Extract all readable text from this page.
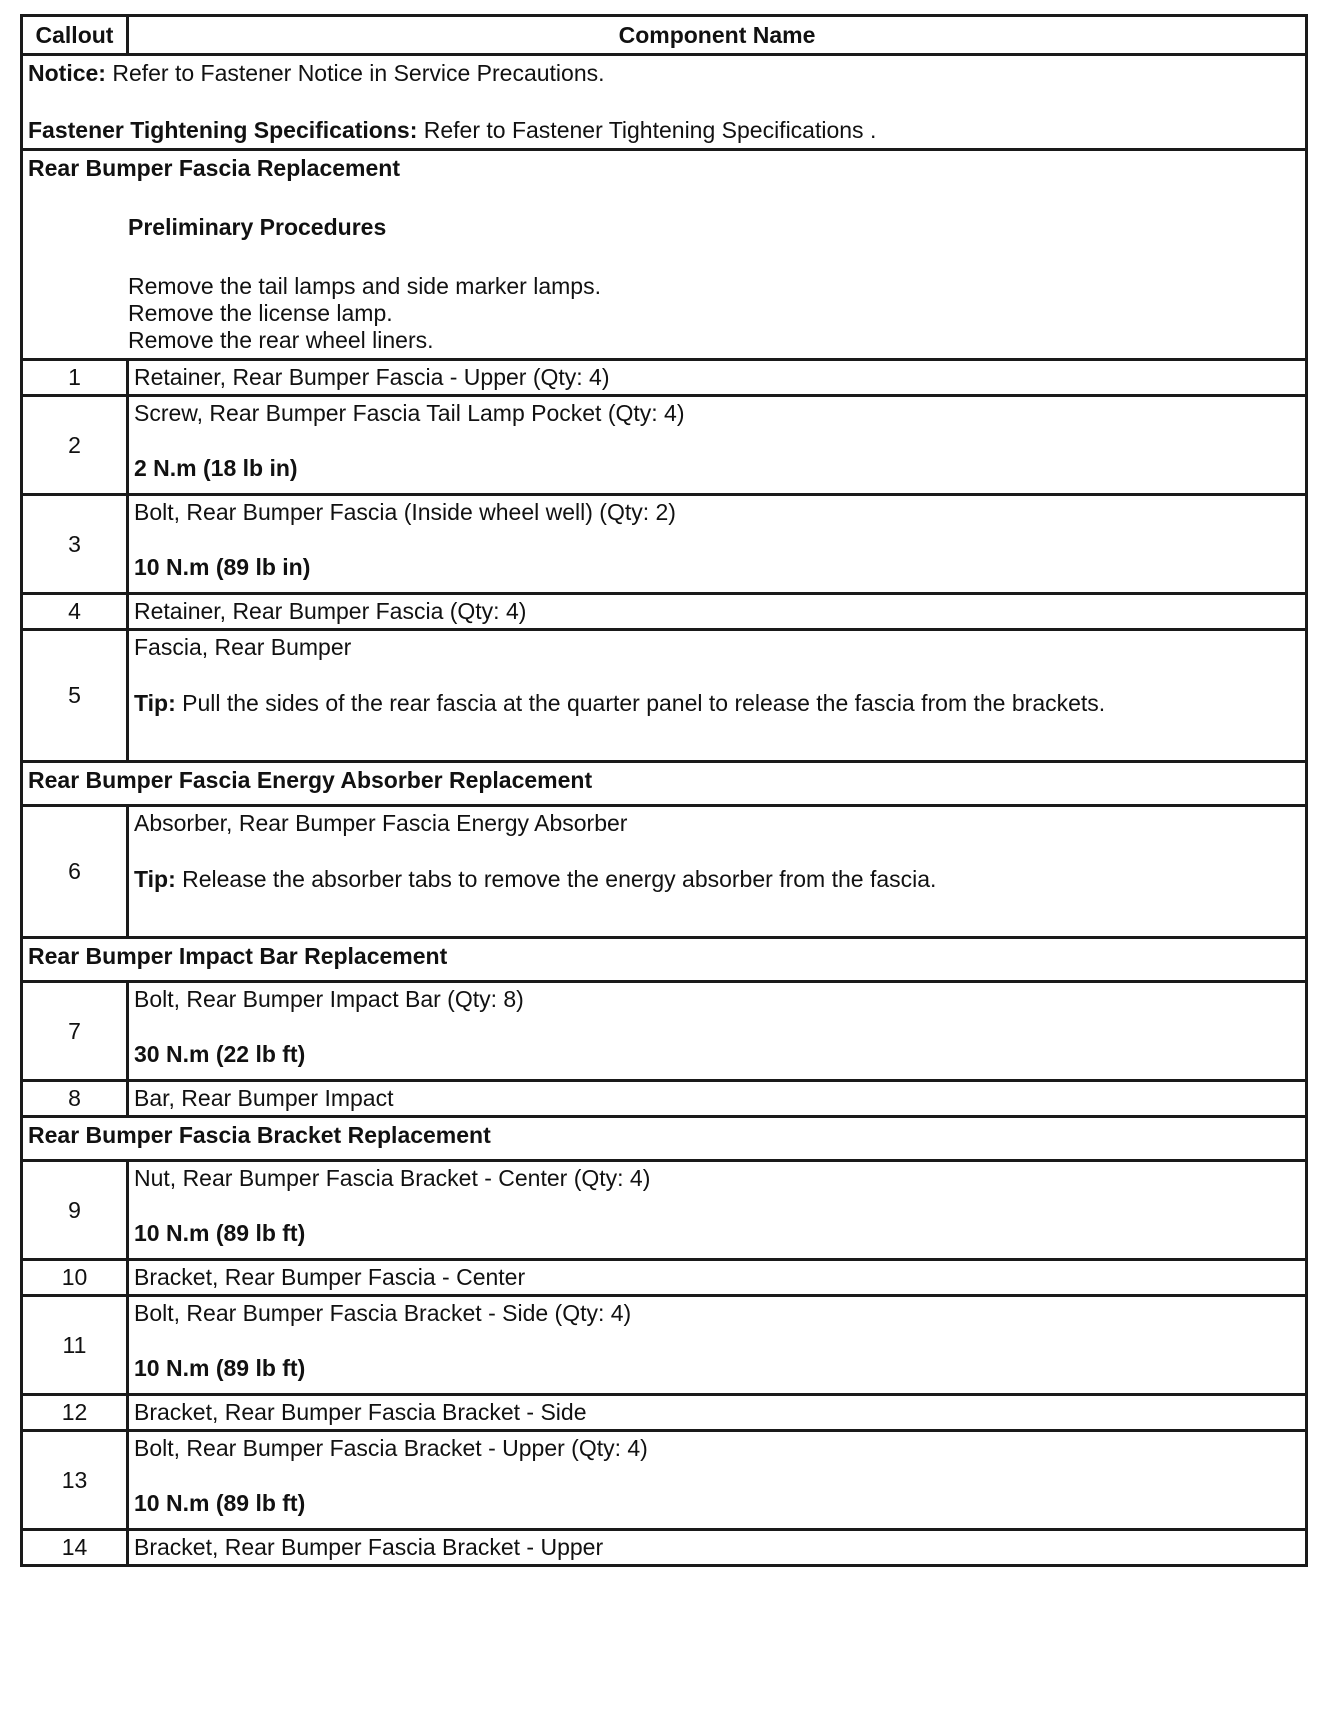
Callout	Component Name

Notice: Refer to Fastener Notice in Service Precautions.
Fastener Tightening Specifications: Refer to Fastener Tightening Specifications .	

Rear Bumper Fascia Replacement
Preliminary Procedures
Remove the tail lamps and side marker lamps.
Remove the license lamp.
Remove the rear wheel liners.	

1	Retainer, Rear Bumper Fascia - Upper (Qty: 4)
2	Screw, Rear Bumper Fascia Tail Lamp Pocket (Qty: 4)
2 N.m (18 lb in)

3	Bolt, Rear Bumper Fascia (Inside wheel well) (Qty: 2)
10 N.m (89 lb in)

4	Retainer, Rear Bumper Fascia (Qty: 4)
5	Fascia, Rear Bumper
Tip: Pull the sides of the rear fascia at the quarter panel to release the fascia from the brackets.

Rear Bumper Fascia Energy Absorber Replacement	
6	Absorber, Rear Bumper Fascia Energy Absorber
Tip: Release the absorber tabs to remove the energy absorber from the fascia.

Rear Bumper Impact Bar Replacement	
7	Bolt, Rear Bumper Impact Bar (Qty: 8)
30 N.m (22 lb ft)

8	Bar, Rear Bumper Impact
Rear Bumper Fascia Bracket Replacement	
9	Nut, Rear Bumper Fascia Bracket - Center (Qty: 4)
10 N.m (89 lb ft)

10	Bracket, Rear Bumper Fascia - Center
11	Bolt, Rear Bumper Fascia Bracket - Side (Qty: 4)
10 N.m (89 lb ft)

12	Bracket, Rear Bumper Fascia Bracket - Side
13	Bolt, Rear Bumper Fascia Bracket - Upper (Qty: 4)
10 N.m (89 lb ft)

14	Bracket, Rear Bumper Fascia Bracket - Upper
